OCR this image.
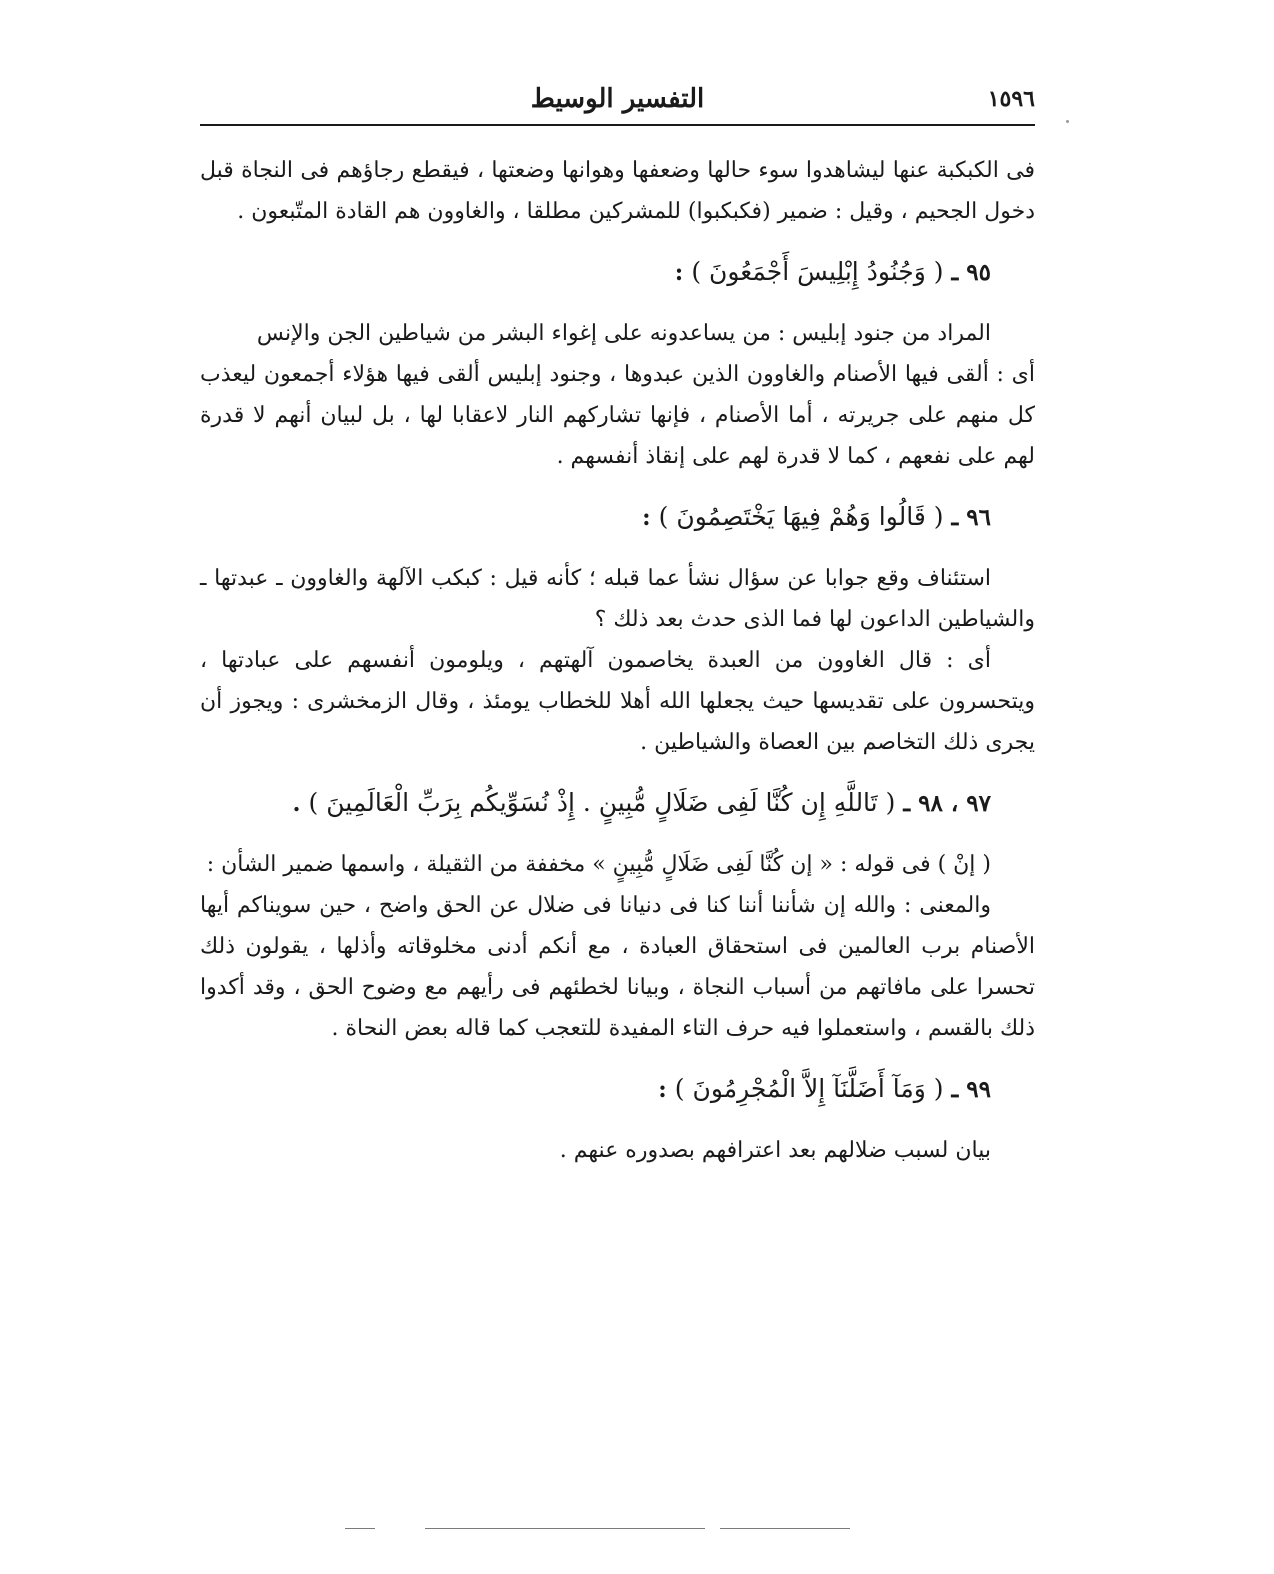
١٥٩٦
التفسير الوسيط

فى الكبكبة عنها ليشاهدوا سوء حالها وضعفها وهوانها وضعتها ، فيقطع رجاؤهم فى النجاة قبل دخول الجحيم ، وقيل : ضمير (فكبكبوا) للمشركين مطلقا ، والغاوون هم القادة المتّبعون .

٩٥ ـ ( وَجُنُودُ إِبْلِيسَ أَجْمَعُونَ ) :

المراد من جنود إبليس : من يساعدونه على إغواء البشر من شياطين الجن والإنس

أى : ألقى فيها الأصنام والغاوون الذين عبدوها ، وجنود إبليس ألقى فيها هؤلاء أجمعون ليعذب كل منهم على جريرته ، أما الأصنام ، فإنها تشاركهم النار لاعقابا لها ، بل لبيان أنهم لا قدرة لهم على نفعهم ، كما لا قدرة لهم على إنقاذ أنفسهم .

٩٦ ـ ( قَالُوا وَهُمْ فِيهَا يَخْتَصِمُونَ ) :

استئناف وقع جوابا عن سؤال نشأ عما قبله ؛ كأنه قيل : كبكب الآلهة والغاوون ـ عبدتها ـ والشياطين الداعون لها فما الذى حدث بعد ذلك ؟

أى : قال الغاوون من العبدة يخاصمون آلهتهم ، ويلومون أنفسهم على عبادتها ، ويتحسرون على تقديسها حيث يجعلها الله أهلا للخطاب يومئذ ، وقال الزمخشرى : ويجوز أن يجرى ذلك التخاصم بين العصاة والشياطين .

٩٧ ، ٩٨ ـ ( تَاللَّهِ إِن كُنَّا لَفِى ضَلَالٍ مُّبِينٍ . إِذْ نُسَوِّيكُم بِرَبِّ الْعَالَمِينَ ) .

( إنْ ) فى قوله : « إن كُنَّا لَفِى ضَلَالٍ مُّبِينٍ » مخففة من الثقيلة ، واسمها ضمير الشأن :

والمعنى : والله إن شأننا أننا كنا فى دنيانا فى ضلال عن الحق واضح ، حين سويناكم أيها الأصنام برب العالمين فى استحقاق العبادة ، مع أنكم أدنى مخلوقاته وأذلها ، يقولون ذلك تحسرا على مافاتهم من أسباب النجاة ، وبيانا لخطئهم فى رأيهم مع وضوح الحق ، وقد أكدوا ذلك بالقسم ، واستعملوا فيه حرف التاء المفيدة للتعجب كما قاله بعض النحاة .

٩٩ ـ ( وَمَآ أَضَلَّنَآ إِلاَّ الْمُجْرِمُونَ ) :

بيان لسبب ضلالهم بعد اعترافهم بصدوره عنهم .
